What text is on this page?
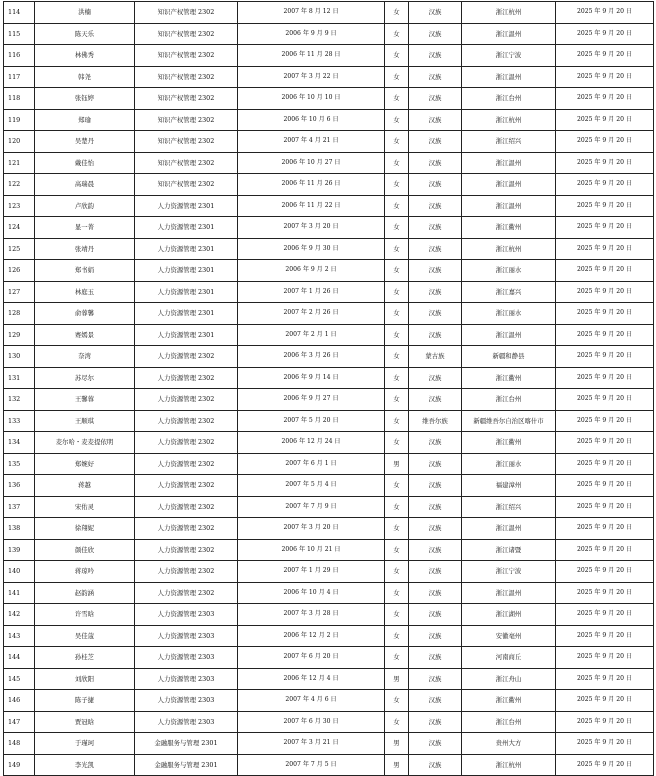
114	洪楠	知识产权管理 2302	2007 年 8 月 12 日	女	汉族	浙江杭州	2025 年 9 月 20 日
115	陈天乐	知识产权管理 2302	2006 年 9 月 9 日	女	汉族	浙江温州	2025 年 9 月 20 日
116	林佛秀	知识产权管理 2302	2006 年 11 月 28 日	女	汉族	浙江宁波	2025 年 9 月 20 日
117	韩尧	知识产权管理 2302	2007 年 3 月 22 日	女	汉族	浙江温州	2025 年 9 月 20 日
118	张钰婷	知识产权管理 2302	2006 年 10 月 10 日	女	汉族	浙江台州	2025 年 9 月 20 日
119	郑瑜	知识产权管理 2302	2006 年 10 月 6 日	女	汉族	浙江杭州	2025 年 9 月 20 日
120	吴楚丹	知识产权管理 2302	2007 年 4 月 21 日	女	汉族	浙江绍兴	2025 年 9 月 20 日
121	戴佳怡	知识产权管理 2302	2006 年 10 月 27 日	女	汉族	浙江温州	2025 年 9 月 20 日
122	高瑞晨	知识产权管理 2302	2006 年 11 月 26 日	女	汉族	浙江温州	2025 年 9 月 20 日
123	卢欣韵	人力资源管理 2301	2006 年 11 月 22 日	女	汉族	浙江温州	2025 年 9 月 20 日
124	显一菁	人力资源管理 2301	2007 年 3 月 20 日	女	汉族	浙江衢州	2025 年 9 月 20 日
125	张靖丹	人力资源管理 2301	2006 年 9 月 30 日	女	汉族	浙江杭州	2025 年 9 月 20 日
126	郑书娟	人力资源管理 2301	2006 年 9 月 2 日	女	汉族	浙江丽水	2025 年 9 月 20 日
127	林庭玉	人力资源管理 2301	2007 年 1 月 26 日	女	汉族	浙江嘉兴	2025 年 9 月 20 日
128	俞蓉馨	人力资源管理 2301	2007 年 2 月 26 日	女	汉族	浙江丽水	2025 年 9 月 20 日
129	赛嫣景	人力资源管理 2301	2007 年 2 月 1 日	女	汉族	浙江温州	2025 年 9 月 20 日
130	奈湾	人力资源管理 2302	2006 年 3 月 26 日	女	蒙古族	新疆和静县	2025 年 9 月 20 日
131	苏尽尔	人力资源管理 2302	2006 年 9 月 14 日	女	汉族	浙江衢州	2025 年 9 月 20 日
132	王馨蓉	人力资源管理 2302	2006 年 9 月 27 日	女	汉族	浙江台州	2025 年 9 月 20 日
133	王顺琪	人力资源管理 2302	2007 年 5 月 20 日	女	维吾尔族	新疆维吾尔自治区喀什市	2025 年 9 月 20 日
134	麦尔哈・麦麦提依明	人力资源管理 2302	2006 年 12 月 24 日	女	汉族	浙江衢州	2025 年 9 月 20 日
135	郑婉好	人力资源管理 2302	2007 年 6 月 1 日	男	汉族	浙江丽水	2025 年 9 月 20 日
136	蒋越	人力资源管理 2302	2007 年 5 月 4 日	女	汉族	福建漳州	2025 年 9 月 20 日
137	宋佑灵	人力资源管理 2302	2007 年 7 月 9 日	女	汉族	浙江绍兴	2025 年 9 月 20 日
138	徐翔妮	人力资源管理 2302	2007 年 3 月 20 日	女	汉族	浙江温州	2025 年 9 月 20 日
139	颜佳欣	人力资源管理 2302	2006 年 10 月 21 日	女	汉族	浙江诸暨	2025 年 9 月 20 日
140	蒋琼吟	人力资源管理 2302	2007 年 1 月 29 日	女	汉族	浙江宁波	2025 年 9 月 20 日
141	赵韵涵	人力资源管理 2302	2006 年 10 月 4 日	女	汉族	浙江温州	2025 年 9 月 20 日
142	许雪晗	人力资源管理 2303	2007 年 3 月 28 日	女	汉族	浙江湖州	2025 年 9 月 20 日
143	吴佳蔻	人力资源管理 2303	2006 年 12 月 2 日	女	汉族	安徽亳州	2025 年 9 月 20 日
144	孙桂芝	人力资源管理 2303	2007 年 6 月 20 日	女	汉族	河南商丘	2025 年 9 月 20 日
145	刘欣阳	人力资源管理 2303	2006 年 12 月 4 日	男	汉族	浙江舟山	2025 年 9 月 20 日
146	陈子捷	人力资源管理 2303	2007 年 4 月 6 日	女	汉族	浙江衢州	2025 年 9 月 20 日
147	贾冠晗	人力资源管理 2303	2007 年 6 月 30 日	女	汉族	浙江台州	2025 年 9 月 20 日
148	于瑾珂	金融服务与管理 2301	2007 年 3 月 21 日	男	汉族	贵州大方	2025 年 9 月 20 日
149	李光凯	金融服务与管理 2301	2007 年 7 月 5 日	男	汉族	浙江杭州	2025 年 9 月 20 日
